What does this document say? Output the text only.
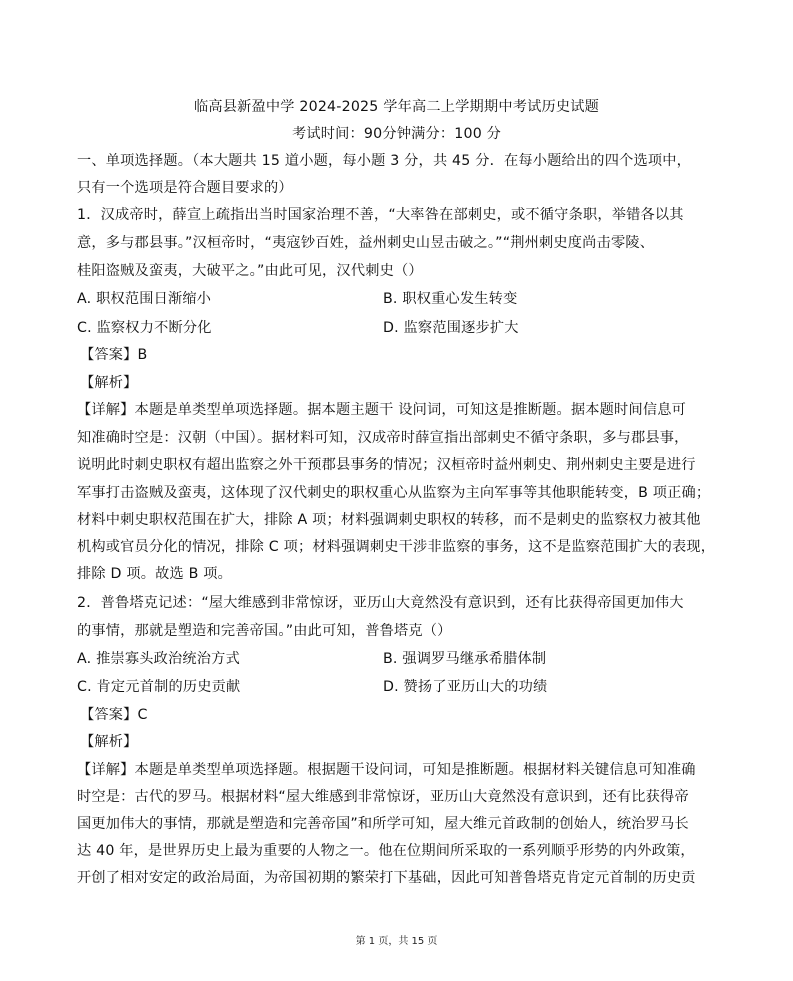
临高县新盈中学 2024-2025 学年高二上学期期中考试历史试题
考试时间：90分钟满分：100 分
一、单项选择题。（本大题共 15 道小题，每小题 3 分，共 45 分．在每小题给出的四个选项中，
只有一个选项是符合题目要求的）
1．汉成帝时，薛宣上疏指出当时国家治理不善，“大率咎在部刺史，或不循守条职，举错各以其
意，多与郡县事。”汉桓帝时，“夷寇钞百姓，益州刺史山昱击破之。”“荆州刺史度尚击零陵、
桂阳盗贼及蛮夷，大破平之。”由此可见，汉代刺史（）
A. 职权范围日渐缩小	B. 职权重心发生转变
C. 监察权力不断分化	D. 监察范围逐步扩大
【答案】B
【解析】
【详解】本题是单类型单项选择题。据本题主题干 设问词，可知这是推断题。据本题时间信息可
知准确时空是：汉朝（中国）。据材料可知，汉成帝时薛宣指出部刺史不循守条职，多与郡县事，
说明此时刺史职权有超出监察之外干预郡县事务的情况；汉桓帝时益州刺史、荆州刺史主要是进行
军事打击盗贼及蛮夷，这体现了汉代刺史的职权重心从监察为主向军事等其他职能转变，B 项正确；
材料中刺史职权范围在扩大，排除 A 项；材料强调刺史职权的转移，而不是刺史的监察权力被其他
机构或官员分化的情况，排除 C 项；材料强调刺史干涉非监察的事务，这不是监察范围扩大的表现，
排除 D 项。故选 B 项。
2．普鲁塔克记述：“屋大维感到非常惊讶，亚历山大竟然没有意识到，还有比获得帝国更加伟大
的事情，那就是塑造和完善帝国。”由此可知，普鲁塔克（）
A. 推崇寡头政治统治方式	B. 强调罗马继承希腊体制
C. 肯定元首制的历史贡献	D. 赞扬了亚历山大的功绩
【答案】C
【解析】
【详解】本题是单类型单项选择题。根据题干设问词，可知是推断题。根据材料关键信息可知准确
时空是：古代的罗马。根据材料“屋大维感到非常惊讶，亚历山大竟然没有意识到，还有比获得帝
国更加伟大的事情，那就是塑造和完善帝国”和所学可知，屋大维元首政制的创始人，统治罗马长
达 40 年，是世界历史上最为重要的人物之一。他在位期间所采取的一系列顺乎形势的内外政策，
开创了相对安定的政治局面，为帝国初期的繁荣打下基础，因此可知普鲁塔克肯定元首制的历史贡
第 1 页，共 15 页
